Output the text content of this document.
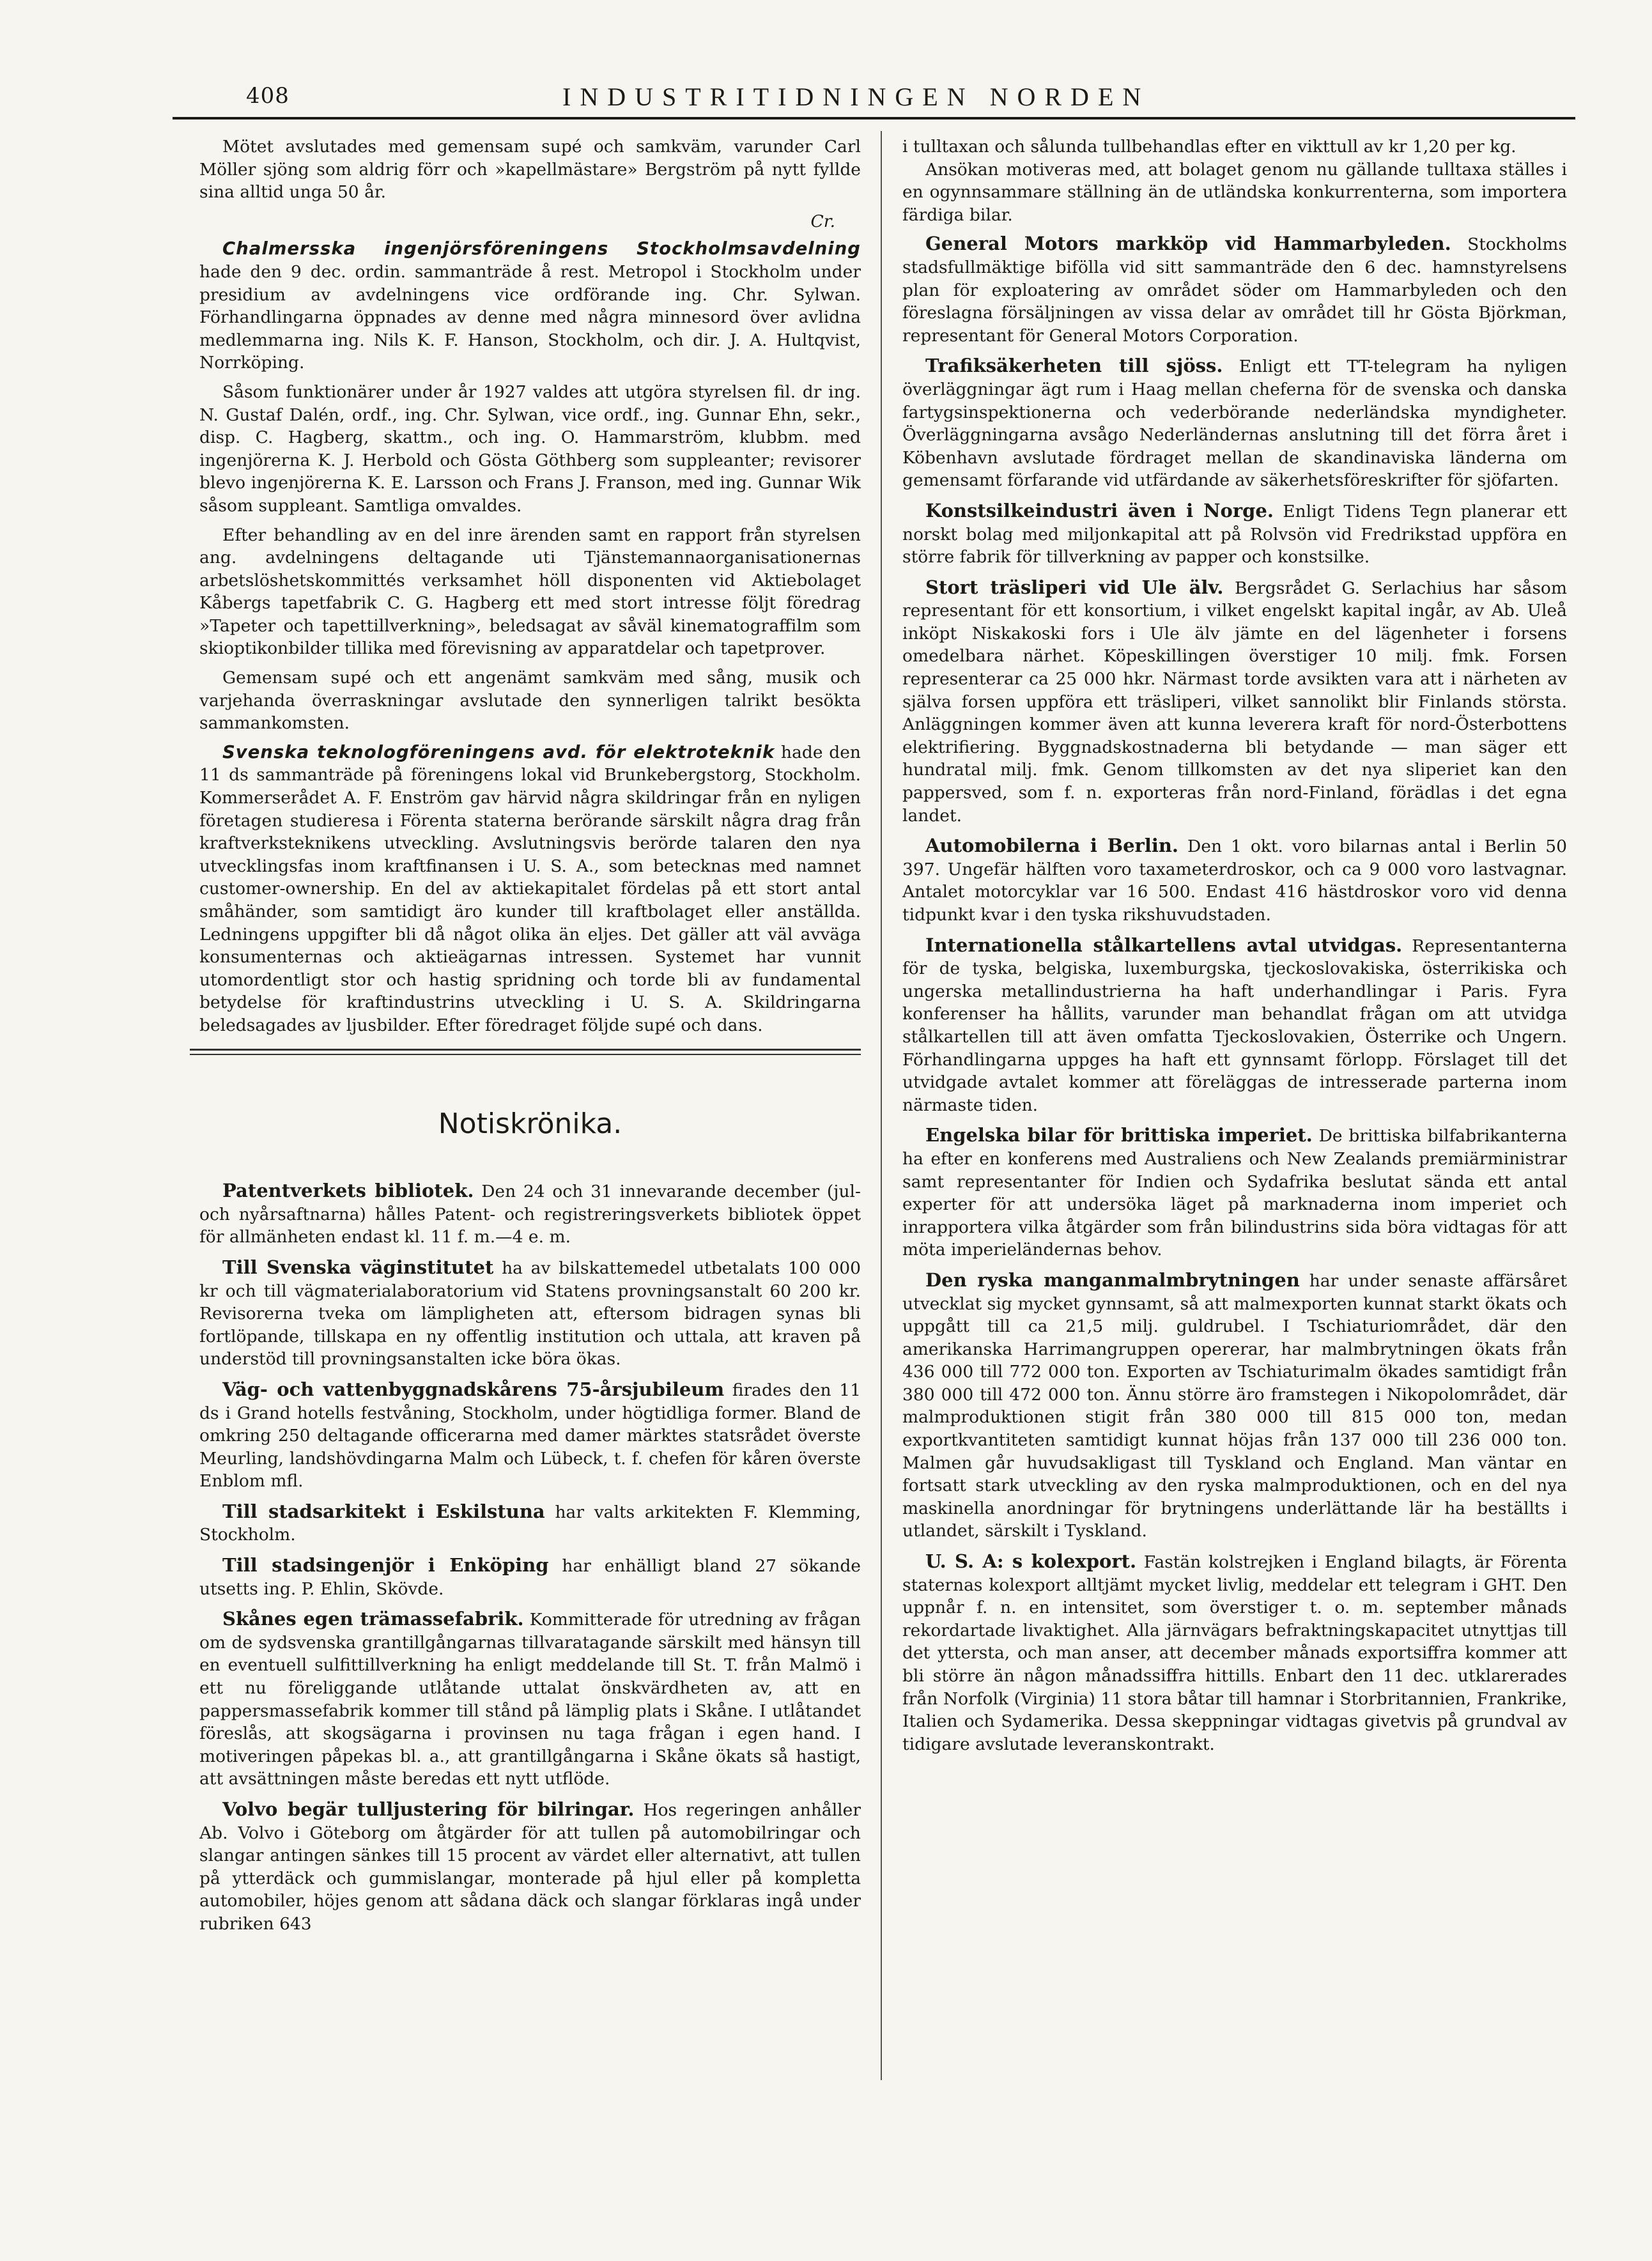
408	INDUSTRITIDNINGEN NORDEN

Mötet avslutades med gemensam supé och samkväm, varunder Carl Möller sjöng som aldrig förr och »kapellmästare» Bergström på nytt fyllde sina alltid unga 50 år.

Cr.

Chalmersska ingenjörsföreningens Stockholmsavdelning hade den 9 dec. ordin. sammanträde å rest. Metropol i Stockholm under presidium av avdelningens vice ordförande ing. Chr. Sylwan. Förhandlingarna öppnades av denne med några minnesord över avlidna medlemmarna ing. Nils K. F. Hanson, Stockholm, och dir. J. A. Hultqvist, Norrköping.

Såsom funktionärer under år 1927 valdes att utgöra styrelsen fil. dr ing. N. Gustaf Dalén, ordf., ing. Chr. Sylwan, vice ordf., ing. Gunnar Ehn, sekr., disp. C. Hagberg, skattm., och ing. O. Hammarström, klubbm. med ingenjörerna K. J. Herbold och Gösta Göthberg som suppleanter; revisorer blevo ingenjörerna K. E. Larsson och Frans J. Franson, med ing. Gunnar Wik såsom suppleant. Samtliga omvaldes.

Efter behandling av en del inre ärenden samt en rapport från styrelsen ang. avdelningens deltagande uti Tjänstemannaorganisationernas arbetslöshetskommittés verksamhet höll disponenten vid Aktiebolaget Kåbergs tapetfabrik C. G. Hagberg ett med stort intresse följt föredrag »Tapeter och tapettillverkning», beledsagat av såväl kinematograffilm som skioptikonbilder tillika med förevisning av apparatdelar och tapetprover.

Gemensam supé och ett angenämt samkväm med sång, musik och varjehanda överraskningar avslutade den synnerligen talrikt besökta sammankomsten.

Svenska teknologföreningens avd. för elektroteknik hade den 11 ds sammanträde på föreningens lokal vid Brunkebergstorg, Stockholm. Kommerserådet A. F. Enström gav härvid några skildringar från en nyligen företagen studieresa i Förenta staterna berörande särskilt några drag från kraftverksteknikens utveckling. Avslutningsvis berörde talaren den nya utvecklingsfas inom kraftfinansen i U. S. A., som betecknas med namnet customer-ownership. En del av aktiekapitalet fördelas på ett stort antal småhänder, som samtidigt äro kunder till kraftbolaget eller anställda. Ledningens uppgifter bli då något olika än eljes. Det gäller att väl avväga konsumenternas och aktieägarnas intressen. Systemet har vunnit utomordentligt stor och hastig spridning och torde bli av fundamental betydelse för kraftindustrins utveckling i U. S. A. Skildringarna beledsagades av ljusbilder. Efter föredraget följde supé och dans.

Notiskrönika.

Patentverkets bibliotek. Den 24 och 31 innevarande december (jul- och nyårsaftnarna) hålles Patent- och registreringsverkets bibliotek öppet för allmänheten endast kl. 11 f. m.—4 e. m.

Till Svenska väginstitutet ha av bilskattemedel utbetalats 100 000 kr och till vägmaterialaboratorium vid Statens provningsanstalt 60 200 kr. Revisorerna tveka om lämpligheten att, eftersom bidragen synas bli fortlöpande, tillskapa en ny offentlig institution och uttala, att kraven på understöd till provningsanstalten icke böra ökas.

Väg- och vattenbyggnadskårens 75-årsjubileum firades den 11 ds i Grand hotells festvåning, Stockholm, under högtidliga former. Bland de omkring 250 deltagande officerarna med damer märktes statsrådet överste Meurling, landshövdingarna Malm och Lübeck, t. f. chefen för kåren överste Enblom mfl.

Till stadsarkitekt i Eskilstuna har valts arkitekten F. Klemming, Stockholm.

Till stadsingenjör i Enköping har enhälligt bland 27 sökande utsetts ing. P. Ehlin, Skövde.

Skånes egen trämassefabrik. Kommitterade för utredning av frågan om de sydsvenska grantillgångarnas tillvaratagande särskilt med hänsyn till en eventuell sulfittillverkning ha enligt meddelande till St. T. från Malmö i ett nu föreliggande utlåtande uttalat önskvärdheten av, att en pappersmassefabrik kommer till stånd på lämplig plats i Skåne. I utlåtandet föreslås, att skogsägarna i provinsen nu taga frågan i egen hand. I motiveringen påpekas bl. a., att grantillgångarna i Skåne ökats så hastigt, att avsättningen måste beredas ett nytt utflöde.

Volvo begär tulljustering för bilringar. Hos regeringen anhåller Ab. Volvo i Göteborg om åtgärder för att tullen på automobilringar och slangar antingen sänkes till 15 procent av värdet eller alternativt, att tullen på ytterdäck och gummislangar, monterade på hjul eller på kompletta automobiler, höjes genom att sådana däck och slangar förklaras ingå under rubriken 643

i tulltaxan och sålunda tullbehandlas efter en vikttull av kr 1,20 per kg.

Ansökan motiveras med, att bolaget genom nu gällande tulltaxa ställes i en ogynnsammare ställning än de utländska konkurrenterna, som importera färdiga bilar.

General Motors markköp vid Hammarbyleden. Stockholms stadsfullmäktige bifölla vid sitt sammanträde den 6 dec. hamnstyrelsens plan för exploatering av området söder om Hammarbyleden och den föreslagna försäljningen av vissa delar av området till hr Gösta Björkman, representant för General Motors Corporation.

Trafiksäkerheten till sjöss. Enligt ett TT-telegram ha nyligen överläggningar ägt rum i Haag mellan cheferna för de svenska och danska fartygsinspektionerna och vederbörande nederländska myndigheter. Överläggningarna avsågo Nederländernas anslutning till det förra året i Köbenhavn avslutade fördraget mellan de skandinaviska länderna om gemensamt förfarande vid utfärdande av säkerhetsföreskrifter för sjöfarten.

Konstsilkeindustri även i Norge. Enligt Tidens Tegn planerar ett norskt bolag med miljonkapital att på Rolvsön vid Fredrikstad uppföra en större fabrik för tillverkning av papper och konstsilke.

Stort träsliperi vid Ule älv. Bergsrådet G. Serlachius har såsom representant för ett konsortium, i vilket engelskt kapital ingår, av Ab. Uleå inköpt Niskakoski fors i Ule älv jämte en del lägenheter i forsens omedelbara närhet. Köpeskillingen överstiger 10 milj. fmk. Forsen representerar ca 25 000 hkr. Närmast torde avsikten vara att i närheten av själva forsen uppföra ett träsliperi, vilket sannolikt blir Finlands största. Anläggningen kommer även att kunna leverera kraft för nord-Österbottens elektrifiering. Byggnadskostnaderna bli betydande — man säger ett hundratal milj. fmk. Genom tillkomsten av det nya sliperiet kan den pappersved, som f. n. exporteras från nord-Finland, förädlas i det egna landet.

Automobilerna i Berlin. Den 1 okt. voro bilarnas antal i Berlin 50 397. Ungefär hälften voro taxameterdroskor, och ca 9 000 voro lastvagnar. Antalet motorcyklar var 16 500. Endast 416 hästdroskor voro vid denna tidpunkt kvar i den tyska rikshuvudstaden.

Internationella stålkartellens avtal utvidgas. Representanterna för de tyska, belgiska, luxemburgska, tjeckoslovakiska, österrikiska och ungerska metallindustrierna ha haft underhandlingar i Paris. Fyra konferenser ha hållits, varunder man behandlat frågan om att utvidga stålkartellen till att även omfatta Tjeckoslovakien, Österrike och Ungern. Förhandlingarna uppges ha haft ett gynnsamt förlopp. Förslaget till det utvidgade avtalet kommer att föreläggas de intresserade parterna inom närmaste tiden.

Engelska bilar för brittiska imperiet. De brittiska bilfabrikanterna ha efter en konferens med Australiens och New Zealands premiärministrar samt representanter för Indien och Sydafrika beslutat sända ett antal experter för att undersöka läget på marknaderna inom imperiet och inrapportera vilka åtgärder som från bilindustrins sida böra vidtagas för att möta imperieländernas behov.

Den ryska manganmalmbrytningen har under senaste affärsåret utvecklat sig mycket gynnsamt, så att malmexporten kunnat starkt ökats och uppgått till ca 21,5 milj. guldrubel. I Tschiaturiområdet, där den amerikanska Harrimangruppen opererar, har malmbrytningen ökats från 436 000 till 772 000 ton. Exporten av Tschiaturimalm ökades samtidigt från 380 000 till 472 000 ton. Ännu större äro framstegen i Nikopolområdet, där malmproduktionen stigit från 380 000 till 815 000 ton, medan exportkvantiteten samtidigt kunnat höjas från 137 000 till 236 000 ton. Malmen går huvudsakligast till Tyskland och England. Man väntar en fortsatt stark utveckling av den ryska malmproduktionen, och en del nya maskinella anordningar för brytningens underlättande lär ha beställts i utlandet, särskilt i Tyskland.

U. S. A: s kolexport. Fastän kolstrejken i England bilagts, är Förenta staternas kolexport alltjämt mycket livlig, meddelar ett telegram i GHT. Den uppnår f. n. en intensitet, som överstiger t. o. m. september månads rekordartade livaktighet. Alla järnvägars befraktningskapacitet utnyttjas till det yttersta, och man anser, att december månads exportsiffra kommer att bli större än någon månadssiffra hittills. Enbart den 11 dec. utklarerades från Norfolk (Virginia) 11 stora båtar till hamnar i Storbritannien, Frankrike, Italien och Sydamerika. Dessa skeppningar vidtagas givetvis på grundval av tidigare avslutade leveranskontrakt.
